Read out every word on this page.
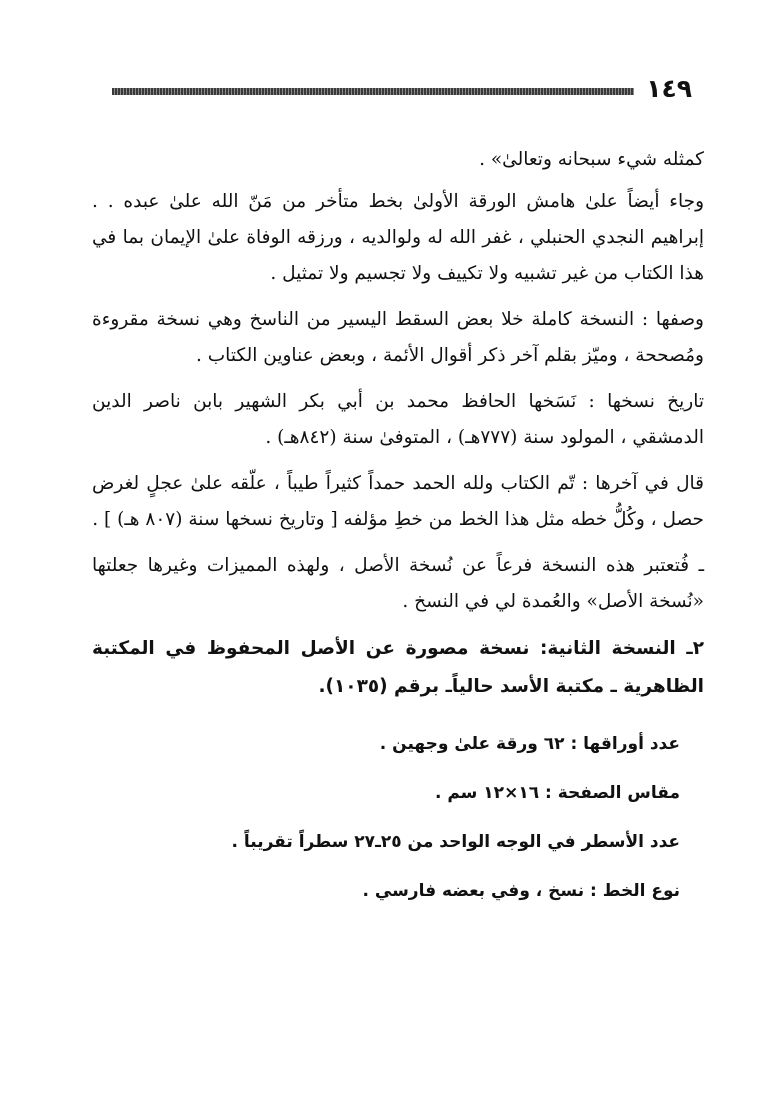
١٤٩

كمثله شيء سبحانه وتعالىٰ» .

وجاء أيضاً علىٰ هامش الورقة الأولىٰ بخط متأخر من مَنّ الله علىٰ عبده . . إبراهيم النجدي الحنبلي ، غفر الله له ولوالديه ، ورزقه الوفاة علىٰ الإيمان بما في هذا الكتاب من غير تشبيه ولا تكييف ولا تجسيم ولا تمثيل .

وصفها : النسخة كاملة خلا بعض السقط اليسير من الناسخ وهي نسخة مقروءة ومُصححة ، وميّز بقلم آخر ذكر أقوال الأئمة ، وبعض عناوين الكتاب .

تاريخ نسخها : نَسَخها الحافظ محمد بن أبي بكر الشهير بابن ناصر الدين الدمشقي ، المولود سنة (٧٧٧هـ) ، المتوفىٰ سنة (٨٤٢هـ) .

قال في آخرها : تّم الكتاب ولله الحمد حمداً كثيراً طيباً ، علّقه علىٰ عجلٍ لغرض حصل ، وكُلُّ خطه مثل هذا الخط من خطِ مؤلفه [ وتاريخ نسخها سنة (٨٠٧ هـ) ] .

ـ فُتعتبر هذه النسخة فرعاً عن نُسخة الأصل ، ولهذه المميزات وغيرها جعلتها «نُسخة الأصل» والعُمدة لي في النسخ .

٢ـ النسخة الثانية: نسخة مصورة عن الأصل المحفوظ في المكتبة الظاهرية ـ مكتبة الأسد حالياًـ برقم (١٠٣٥).

عدد أوراقها : ٦٢ ورقة علىٰ وجهين .

مقاس الصفحة : ١٦×١٢ سم .

عدد الأسطر في الوجه الواحد من ٢٥ـ٢٧ سطراً تقريباً .

نوع الخط : نسخ ، وفي بعضه فارسي .
